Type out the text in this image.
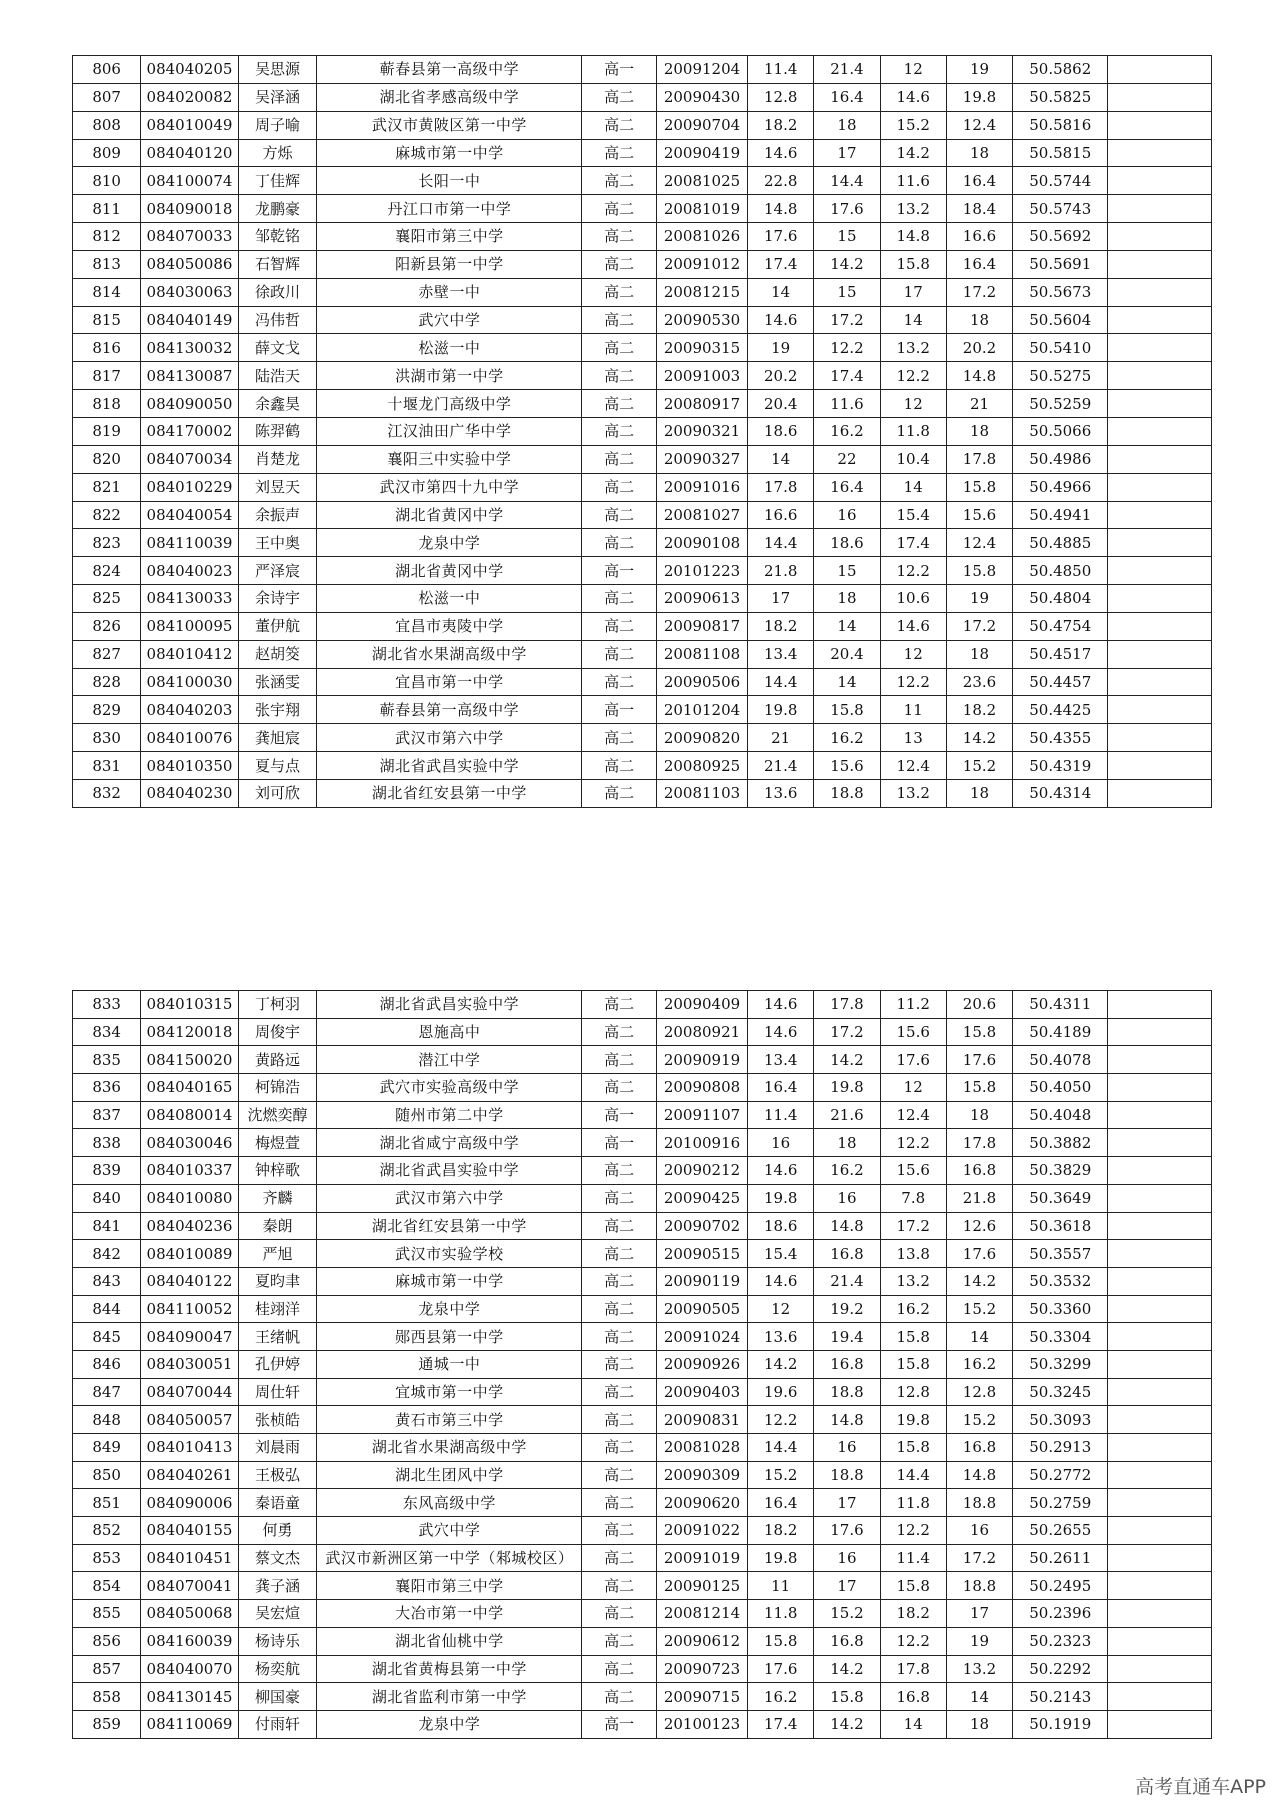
806	084040205	吴思源	蕲春县第一高级中学	高一	20091204	11.4	21.4	12	19	50.5862	
807	084020082	吴泽涵	湖北省孝感高级中学	高二	20090430	12.8	16.4	14.6	19.8	50.5825	
808	084010049	周子喻	武汉市黄陂区第一中学	高二	20090704	18.2	18	15.2	12.4	50.5816	
809	084040120	方烁	麻城市第一中学	高二	20090419	14.6	17	14.2	18	50.5815	
810	084100074	丁佳辉	长阳一中	高二	20081025	22.8	14.4	11.6	16.4	50.5744	
811	084090018	龙鹏豪	丹江口市第一中学	高二	20081019	14.8	17.6	13.2	18.4	50.5743	
812	084070033	邹乾铭	襄阳市第三中学	高二	20081026	17.6	15	14.8	16.6	50.5692	
813	084050086	石智辉	阳新县第一中学	高二	20091012	17.4	14.2	15.8	16.4	50.5691	
814	084030063	徐政川	赤壁一中	高二	20081215	14	15	17	17.2	50.5673	
815	084040149	冯伟哲	武穴中学	高二	20090530	14.6	17.2	14	18	50.5604	
816	084130032	薛文戈	松滋一中	高二	20090315	19	12.2	13.2	20.2	50.5410	
817	084130087	陆浩天	洪湖市第一中学	高二	20091003	20.2	17.4	12.2	14.8	50.5275	
818	084090050	余鑫昊	十堰龙门高级中学	高二	20080917	20.4	11.6	12	21	50.5259	
819	084170002	陈羿鹤	江汉油田广华中学	高二	20090321	18.6	16.2	11.8	18	50.5066	
820	084070034	肖楚龙	襄阳三中实验中学	高二	20090327	14	22	10.4	17.8	50.4986	
821	084010229	刘昱天	武汉市第四十九中学	高二	20091016	17.8	16.4	14	15.8	50.4966	
822	084040054	余振声	湖北省黄冈中学	高二	20081027	16.6	16	15.4	15.6	50.4941	
823	084110039	王中奥	龙泉中学	高二	20090108	14.4	18.6	17.4	12.4	50.4885	
824	084040023	严泽宸	湖北省黄冈中学	高一	20101223	21.8	15	12.2	15.8	50.4850	
825	084130033	余诗宇	松滋一中	高二	20090613	17	18	10.6	19	50.4804	
826	084100095	董伊航	宜昌市夷陵中学	高二	20090817	18.2	14	14.6	17.2	50.4754	
827	084010412	赵胡筊	湖北省水果湖高级中学	高二	20081108	13.4	20.4	12	18	50.4517	
828	084100030	张涵雯	宜昌市第一中学	高二	20090506	14.4	14	12.2	23.6	50.4457	
829	084040203	张宇翔	蕲春县第一高级中学	高一	20101204	19.8	15.8	11	18.2	50.4425	
830	084010076	龚旭宸	武汉市第六中学	高二	20090820	21	16.2	13	14.2	50.4355	
831	084010350	夏与点	湖北省武昌实验中学	高二	20080925	21.4	15.6	12.4	15.2	50.4319	
832	084040230	刘可欣	湖北省红安县第一中学	高二	20081103	13.6	18.8	13.2	18	50.4314	
833	084010315	丁柯羽	湖北省武昌实验中学	高二	20090409	14.6	17.8	11.2	20.6	50.4311	
834	084120018	周俊宇	恩施高中	高二	20080921	14.6	17.2	15.6	15.8	50.4189	
835	084150020	黄路远	潜江中学	高二	20090919	13.4	14.2	17.6	17.6	50.4078	
836	084040165	柯锦浩	武穴市实验高级中学	高二	20090808	16.4	19.8	12	15.8	50.4050	
837	084080014	沈燃奕醇	随州市第二中学	高一	20091107	11.4	21.6	12.4	18	50.4048	
838	084030046	梅煜萱	湖北省咸宁高级中学	高一	20100916	16	18	12.2	17.8	50.3882	
839	084010337	钟梓歌	湖北省武昌实验中学	高二	20090212	14.6	16.2	15.6	16.8	50.3829	
840	084010080	齐麟	武汉市第六中学	高二	20090425	19.8	16	7.8	21.8	50.3649	
841	084040236	秦朗	湖北省红安县第一中学	高二	20090702	18.6	14.8	17.2	12.6	50.3618	
842	084010089	严旭	武汉市实验学校	高二	20090515	15.4	16.8	13.8	17.6	50.3557	
843	084040122	夏昀聿	麻城市第一中学	高二	20090119	14.6	21.4	13.2	14.2	50.3532	
844	084110052	桂翊洋	龙泉中学	高二	20090505	12	19.2	16.2	15.2	50.3360	
845	084090047	王绪帆	郧西县第一中学	高二	20091024	13.6	19.4	15.8	14	50.3304	
846	084030051	孔伊婷	通城一中	高二	20090926	14.2	16.8	15.8	16.2	50.3299	
847	084070044	周仕轩	宜城市第一中学	高二	20090403	19.6	18.8	12.8	12.8	50.3245	
848	084050057	张桢皓	黄石市第三中学	高二	20090831	12.2	14.8	19.8	15.2	50.3093	
849	084010413	刘晨雨	湖北省水果湖高级中学	高二	20081028	14.4	16	15.8	16.8	50.2913	
850	084040261	王极弘	湖北生团风中学	高二	20090309	15.2	18.8	14.4	14.8	50.2772	
851	084090006	秦语童	东风高级中学	高二	20090620	16.4	17	11.8	18.8	50.2759	
852	084040155	何勇	武穴中学	高二	20091022	18.2	17.6	12.2	16	50.2655	
853	084010451	蔡文杰	武汉市新洲区第一中学（邾城校区）	高二	20091019	19.8	16	11.4	17.2	50.2611	
854	084070041	龚子涵	襄阳市第三中学	高二	20090125	11	17	15.8	18.8	50.2495	
855	084050068	吴宏煊	大冶市第一中学	高二	20081214	11.8	15.2	18.2	17	50.2396	
856	084160039	杨诗乐	湖北省仙桃中学	高二	20090612	15.8	16.8	12.2	19	50.2323	
857	084040070	杨奕航	湖北省黄梅县第一中学	高二	20090723	17.6	14.2	17.8	13.2	50.2292	
858	084130145	柳国豪	湖北省监利市第一中学	高二	20090715	16.2	15.8	16.8	14	50.2143	
859	084110069	付雨轩	龙泉中学	高一	20100123	17.4	14.2	14	18	50.1919	
高考直通车APP
